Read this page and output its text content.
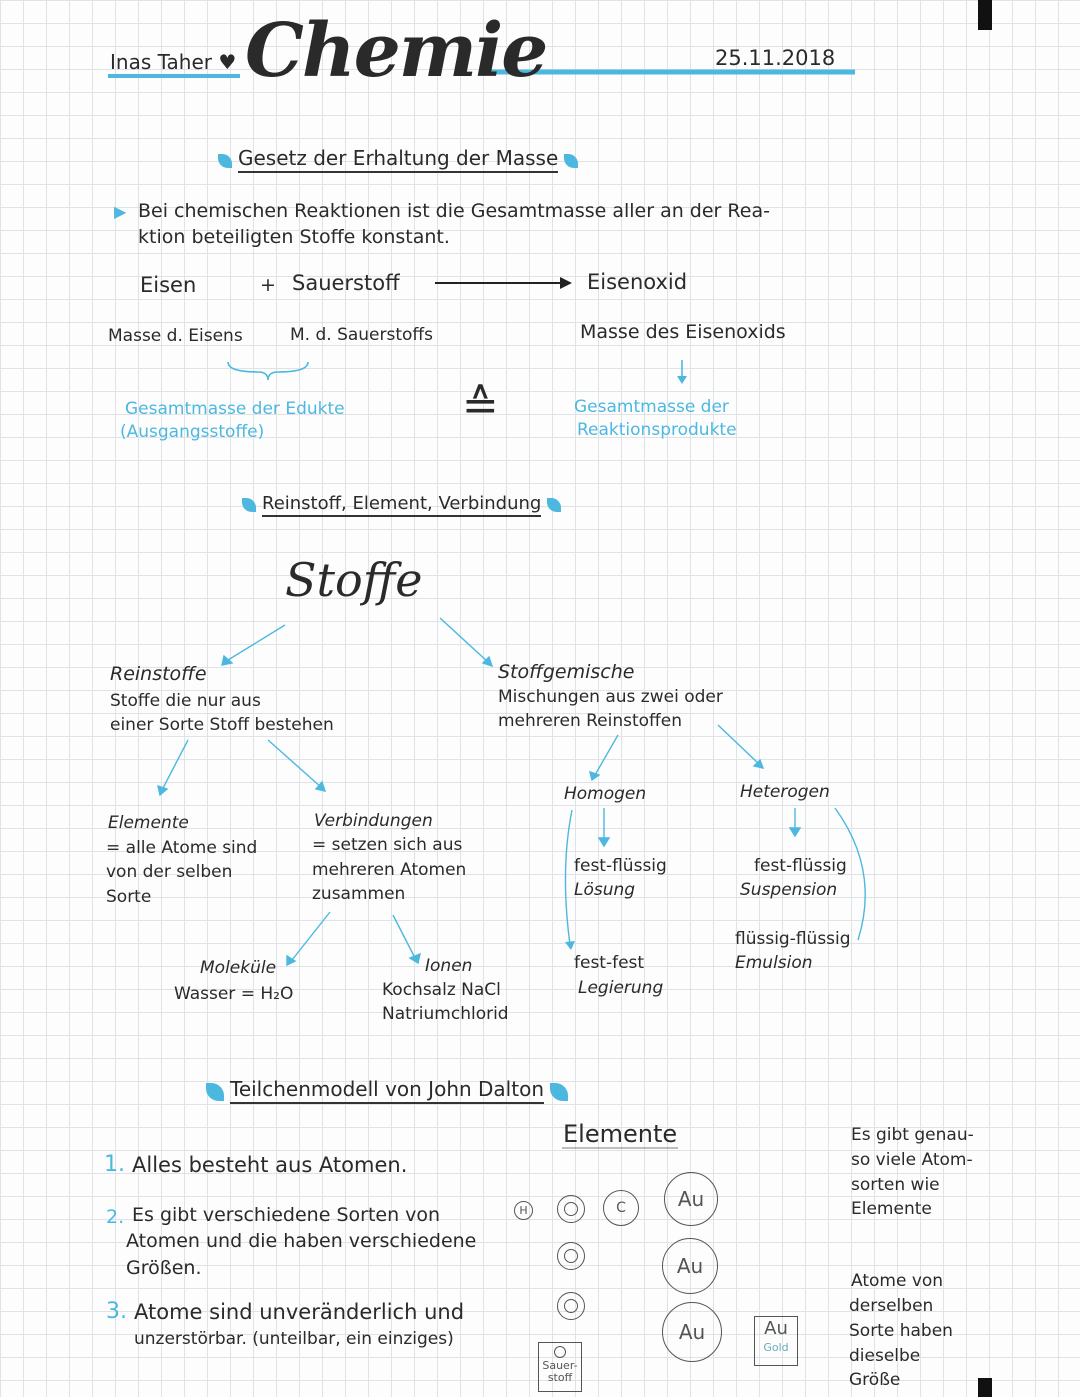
Inas Taher ♥ Chemie	25.11.2018
Gesetz der Erhaltung der Masse
▶ Bei chemischen Reaktionen ist die Gesamtmasse aller an der Rea-
ktion beteiligten Stoffe konstant.
Eisen	+ Sauerstoff	Eisenoxid
Masse d. Eisens	M. d. Sauerstoffs	Masse des Eisenoxids
Gesamtmasse der Edukte
(Ausgangsstoffe)
≙	Gesamtmasse der
Reaktionsprodukte
Reinstoff, Element, Verbindung
Stoffe
Reinstoffe
Stoffe die nur aus
einer Sorte Stoff bestehen
Stoffgemische
Mischungen aus zwei oder
mehreren Reinstoffen
Elemente
= alle Atome sind
von der selben
Sorte
Verbindungen
= setzen sich aus
mehreren Atomen
zusammen
Moleküle
Wasser = H₂O
Ionen
Kochsalz NaCl
Natriumchlorid
Homogen
fest-flüssig
Lösung
fest-fest
Legierung
Heterogen
fest-flüssig
Suspension
flüssig-flüssig
Emulsion
Teilchenmodell von John Dalton
1. Alles besteht aus Atomen.
2. Es gibt verschiedene Sorten von
Atomen und die haben verschiedene
Größen.
3. Atome sind unveränderlich und
unzerstörbar. (unteilbar, ein einziges)
Elemente
H	C	Au
Au
Au
Sauer-
stoff
Au
Gold
Es gibt genau-
so viele Atom-
sorten wie
Elemente
Atome von
derselben
Sorte haben
dieselbe
Größe
